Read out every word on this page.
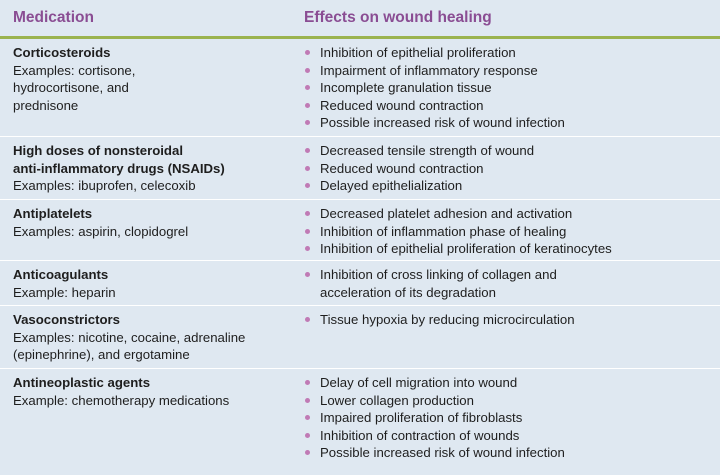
Medication	Effects on wound healing
Corticosteroids
Examples: cortisone,
hydrocortisone, and
prednisone
Inhibition of epithelial proliferation
Impairment of inflammatory response
Incomplete granulation tissue
Reduced wound contraction
Possible increased risk of wound infection
High doses of nonsteroidal
anti-inflammatory drugs (NSAIDs)
Examples: ibuprofen, celecoxib
Decreased tensile strength of wound
Reduced wound contraction
Delayed epithelialization
Antiplatelets
Examples: aspirin, clopidogrel
Decreased platelet adhesion and activation
Inhibition of inflammation phase of healing
Inhibition of epithelial proliferation of keratinocytes
Anticoagulants
Example: heparin
Inhibition of cross linking of collagen and
acceleration of its degradation
Vasoconstrictors
Examples: nicotine, cocaine, adrenaline
(epinephrine), and ergotamine
Tissue hypoxia by reducing microcirculation
Antineoplastic agents
Example: chemotherapy medications
Delay of cell migration into wound
Lower collagen production
Impaired proliferation of fibroblasts
Inhibition of contraction of wounds
Possible increased risk of wound infection
